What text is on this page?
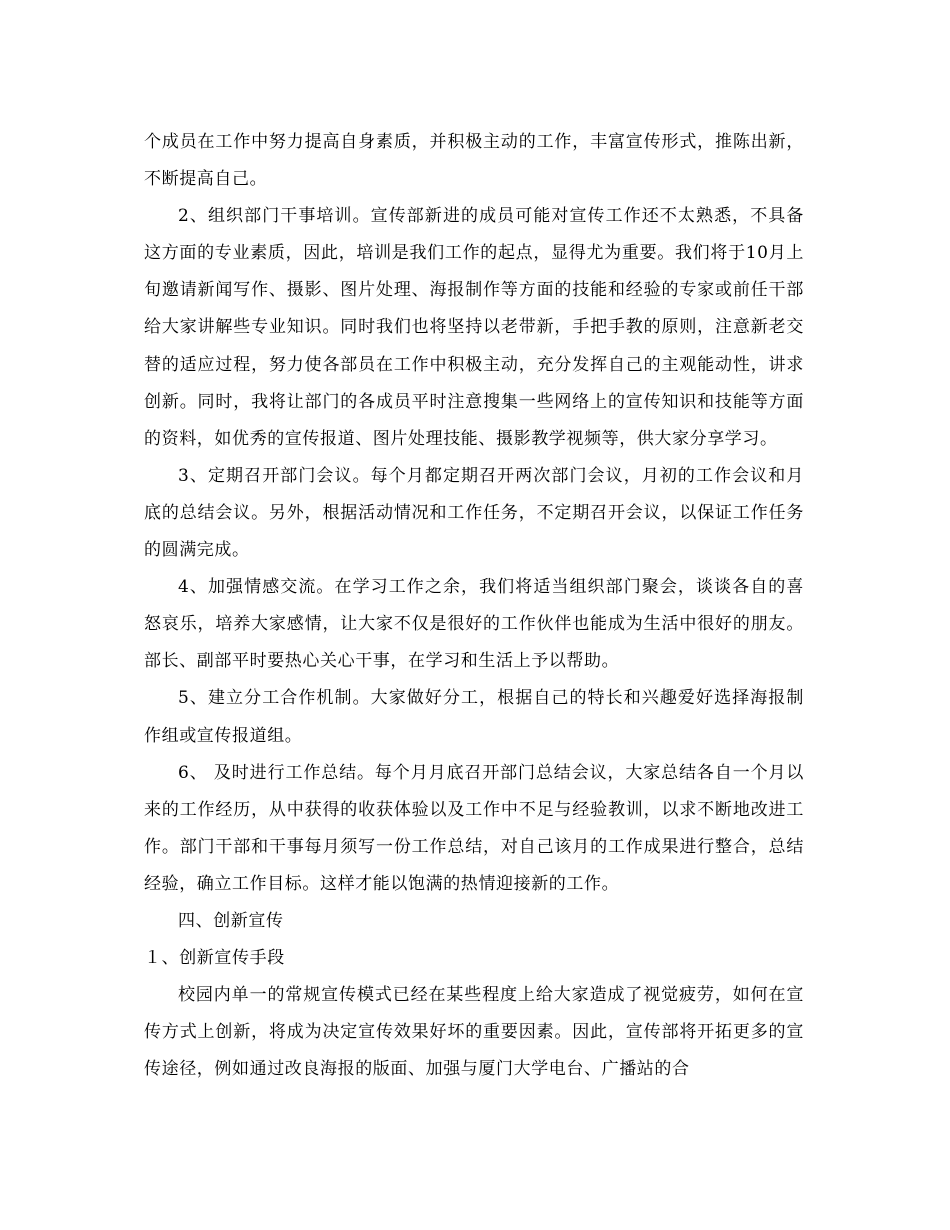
个成员在工作中努力提高自身素质，并积极主动的工作，丰富宣传形式，推陈出新，不断提高自己。

2、组织部门干事培训。宣传部新进的成员可能对宣传工作还不太熟悉，不具备这方面的专业素质，因此，培训是我们工作的起点，显得尤为重要。我们将于10月上旬邀请新闻写作、摄影、图片处理、海报制作等方面的技能和经验的专家或前任干部给大家讲解些专业知识。同时我们也将坚持以老带新，手把手教的原则，注意新老交替的适应过程，努力使各部员在工作中积极主动，充分发挥自己的主观能动性，讲求创新。同时，我将让部门的各成员平时注意搜集一些网络上的宣传知识和技能等方面的资料，如优秀的宣传报道、图片处理技能、摄影教学视频等，供大家分享学习。

3、定期召开部门会议。每个月都定期召开两次部门会议，月初的工作会议和月底的总结会议。另外，根据活动情况和工作任务，不定期召开会议，以保证工作任务的圆满完成。

4、加强情感交流。在学习工作之余，我们将适当组织部门聚会，谈谈各自的喜怒哀乐，培养大家感情，让大家不仅是很好的工作伙伴也能成为生活中很好的朋友。部长、副部平时要热心关心干事，在学习和生活上予以帮助。

5、建立分工合作机制。大家做好分工，根据自己的特长和兴趣爱好选择海报制作组或宣传报道组。

6、 及时进行工作总结。每个月月底召开部门总结会议，大家总结各自一个月以来的工作经历，从中获得的收获体验以及工作中不足与经验教训，以求不断地改进工作。部门干部和干事每月须写一份工作总结，对自己该月的工作成果进行整合，总结经验，确立工作目标。这样才能以饱满的热情迎接新的工作。

四、创新宣传

１、创新宣传手段

校园内单一的常规宣传模式已经在某些程度上给大家造成了视觉疲劳，如何在宣传方式上创新，将成为决定宣传效果好坏的重要因素。因此，宣传部将开拓更多的宣传途径，例如通过改良海报的版面、加强与厦门大学电台、广播站的合
